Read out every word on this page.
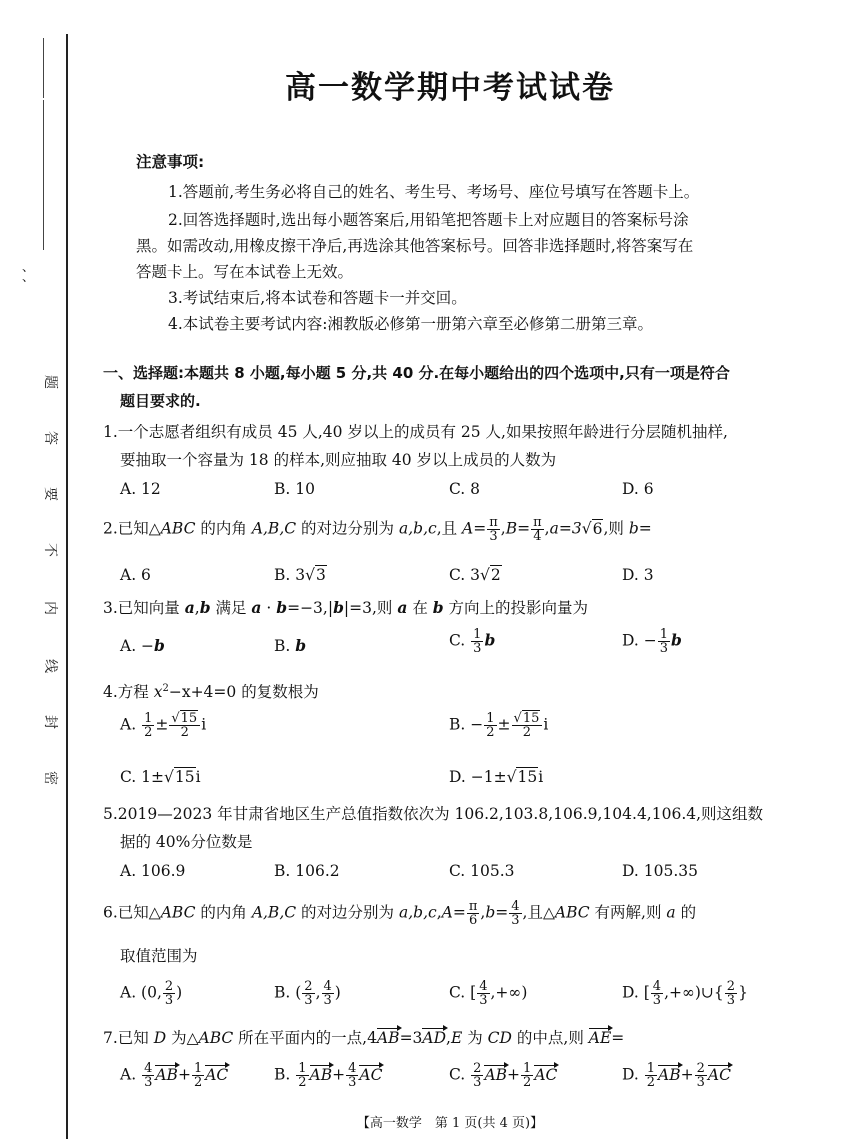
、
、
题
答
要
不
内
线
封
密
高一数学期中考试试卷
注意事项:
1.答题前,考生务必将自己的姓名、考生号、考场号、座位号填写在答题卡上。
2.回答选择题时,选出每小题答案后,用铅笔把答题卡上对应题目的答案标号涂
黑。如需改动,用橡皮擦干净后,再选涂其他答案标号。回答非选择题时,将答案写在
答题卡上。写在本试卷上无效。
3.考试结束后,将本试卷和答题卡一并交回。
4.本试卷主要考试内容:湘教版必修第一册第六章至必修第二册第三章。
一、选择题:本题共 8 小题,每小题 5 分,共 40 分.在每小题给出的四个选项中,只有一项是符合
题目要求的.
1.一个志愿者组织有成员 45 人,40 岁以上的成员有 25 人,如果按照年龄进行分层随机抽样,
要抽取一个容量为 18 的样本,则应抽取 40 岁以上成员的人数为
A. 12	B. 10	C. 8	D. 6
2.已知△ABC 的内角 A,B,C 的对边分别为 a,b,c,且 $A= \frac{\pi}{3} ,B= \frac{\pi}{4} ,a=3√6$,则 b=
A. 6	B. 3√3	C. 3√2	D. 3
3.已知向量 a,b 满足 a · b=−3,|b|=3,则 a 在 b 方向上的投影向量为
A. −b	B. b	C. $\frac{1}{3}$ b	D. − $\frac{1}{3}$ b
4.方程 $x^2-x+4=0$ 的复数根为
A. $\frac{1}{2} \pm \frac{√15}{2}$ i	B. − $\frac{1}{2} \pm \frac{√15}{2}$ i
C. 1±√15i	D. −1±√15i
5.2019—2023 年甘肃省地区生产总值指数依次为 106.2,103.8,106.9,104.4,106.4,则这组数
据的 40%分位数是
A. 106.9	B. 106.2	C. 105.3	D. 105.35
6.已知△ABC 的内角 A,B,C 的对边分别为 $a,b,c,A= \frac{\pi}{6} ,b= \frac{4}{3}$ ,且△ABC 有两解,则 a 的
取值范围为
A. (0, $\frac{2}{3}$ )	B. ( $\frac{2}{3}$ , $\frac{4}{3}$ )	C. [ $\frac{4}{3}$ ,+∞)	D. [ $\frac{4}{3}$ ,+∞)∪{ $\frac{2}{3}$ }
7.已知 D 为△ABC 所在平面内的一点,4AB=3AD,E 为 CD 的中点,则 AE=
A. $\frac{4}{3} AB+ \frac{1}{2}$ AC	B. $\frac{1}{2} AB+ \frac{4}{3}$ AC	C. $\frac{2}{3} AB+ \frac{1}{2}$ AC	D. $\frac{1}{2} AB+ \frac{2}{3}$ AC
【高一数学　第 1 页(共 4 页)】
